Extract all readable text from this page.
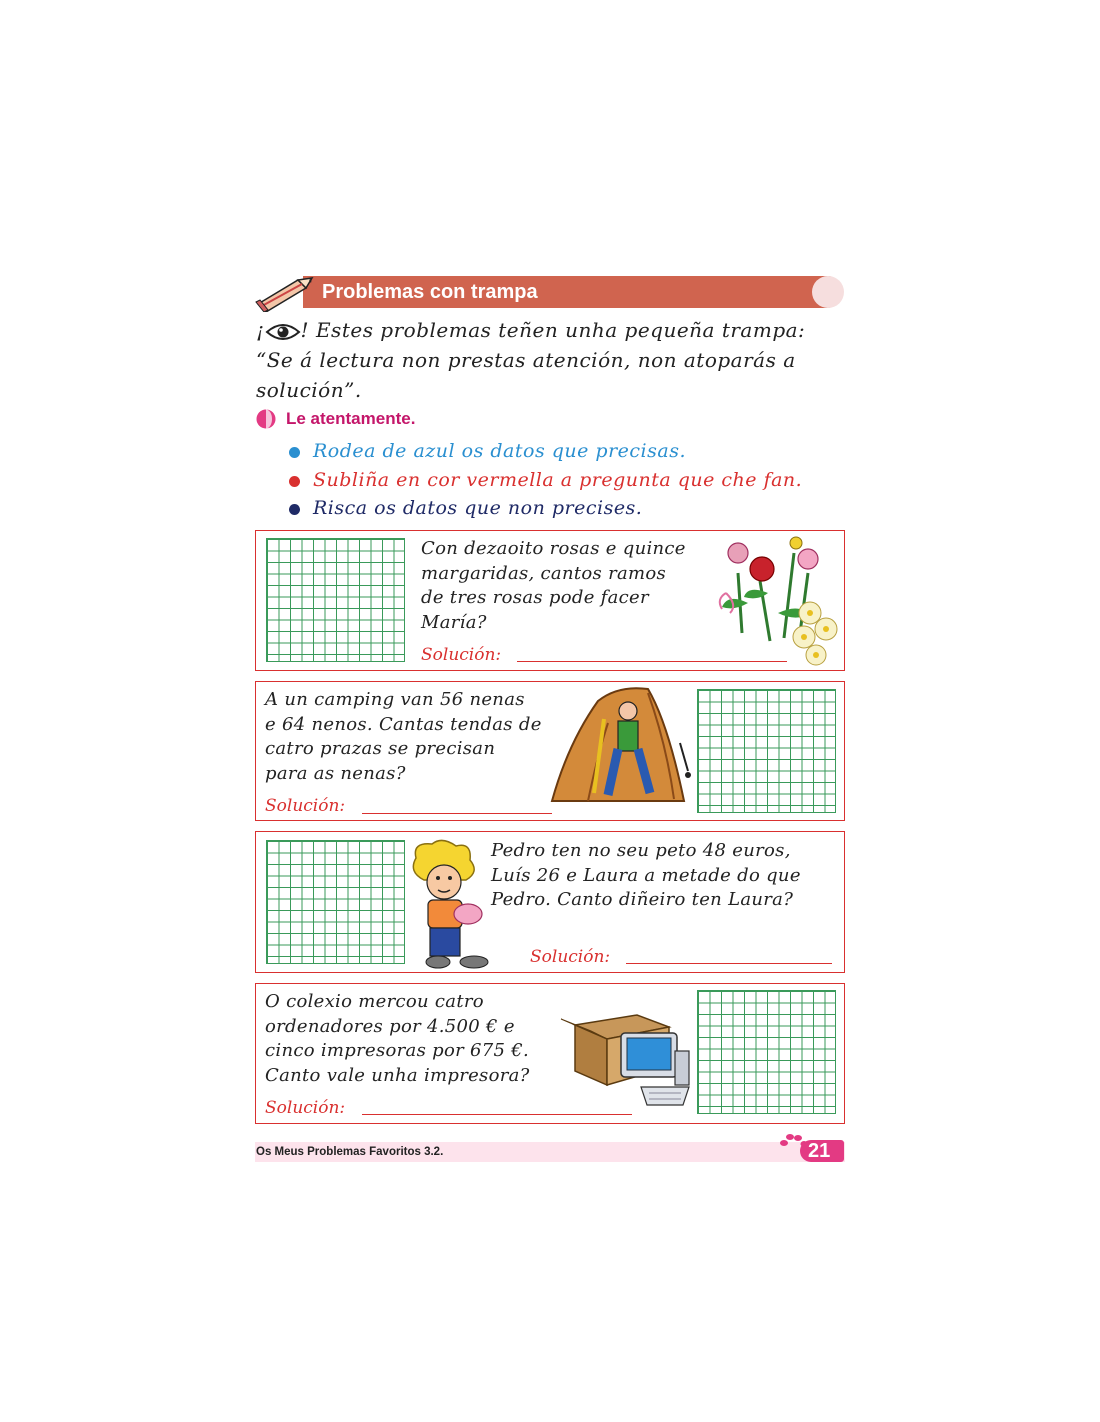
Problemas con trampa
¡ ! Estes problemas teñen unha pequeña trampa:
“Se á lectura non prestas atención, non atoparás a
solución”.
Le atentamente.
Rodea de azul os datos que precisas.
Subliña en cor vermella a pregunta que che fan.
Risca os datos que non precises.
Con dezaoito rosas e quince
margaridas, cantos ramos
de tres rosas pode facer
María?
Solución:
A un camping van 56 nenas
e 64 nenos. Cantas tendas de
catro prazas se precisan
para as nenas?
Solución:
Pedro ten no seu peto 48 euros,
Luís 26 e Laura a metade do que
Pedro. Canto diñeiro ten Laura?
Solución:
O colexio mercou catro
ordenadores por 4.500 € e
cinco impresoras por 675 €.
Canto vale unha impresora?
Solución:
Os Meus Problemas Favoritos 3.2.	21
